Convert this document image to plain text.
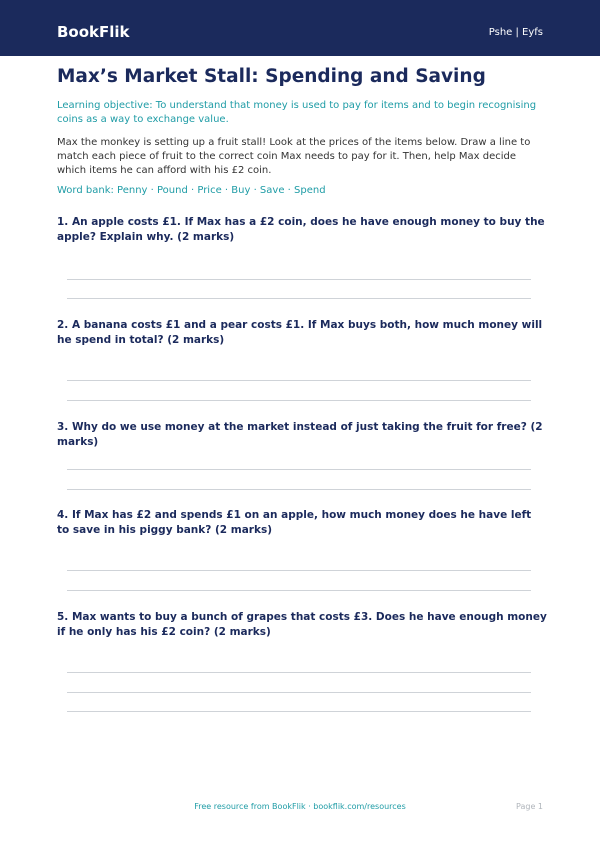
BookFlik	Pshe | Eyfs
Max’s Market Stall: Spending and Saving

Learning objective: To understand that money is used to pay for items and to begin recognising coins as a way to exchange value.

Max the monkey is setting up a fruit stall! Look at the prices of the items below. Draw a line to match each piece of fruit to the correct coin Max needs to pay for it. Then, help Max decide which items he can afford with his £2 coin.

Word bank: Penny · Pound · Price · Buy · Save · Spend

1. An apple costs £1. If Max has a £2 coin, does he have enough money to buy the apple? Explain why. (2 marks)

2. A banana costs £1 and a pear costs £1. If Max buys both, how much money will he spend in total? (2 marks)

3. Why do we use money at the market instead of just taking the fruit for free? (2 marks)

4. If Max has £2 and spends £1 on an apple, how much money does he have left to save in his piggy bank? (2 marks)

5. Max wants to buy a bunch of grapes that costs £3. Does he have enough money if he only has his £2 coin? (2 marks)

Free resource from BookFlik · bookflik.com/resources	Page 1
